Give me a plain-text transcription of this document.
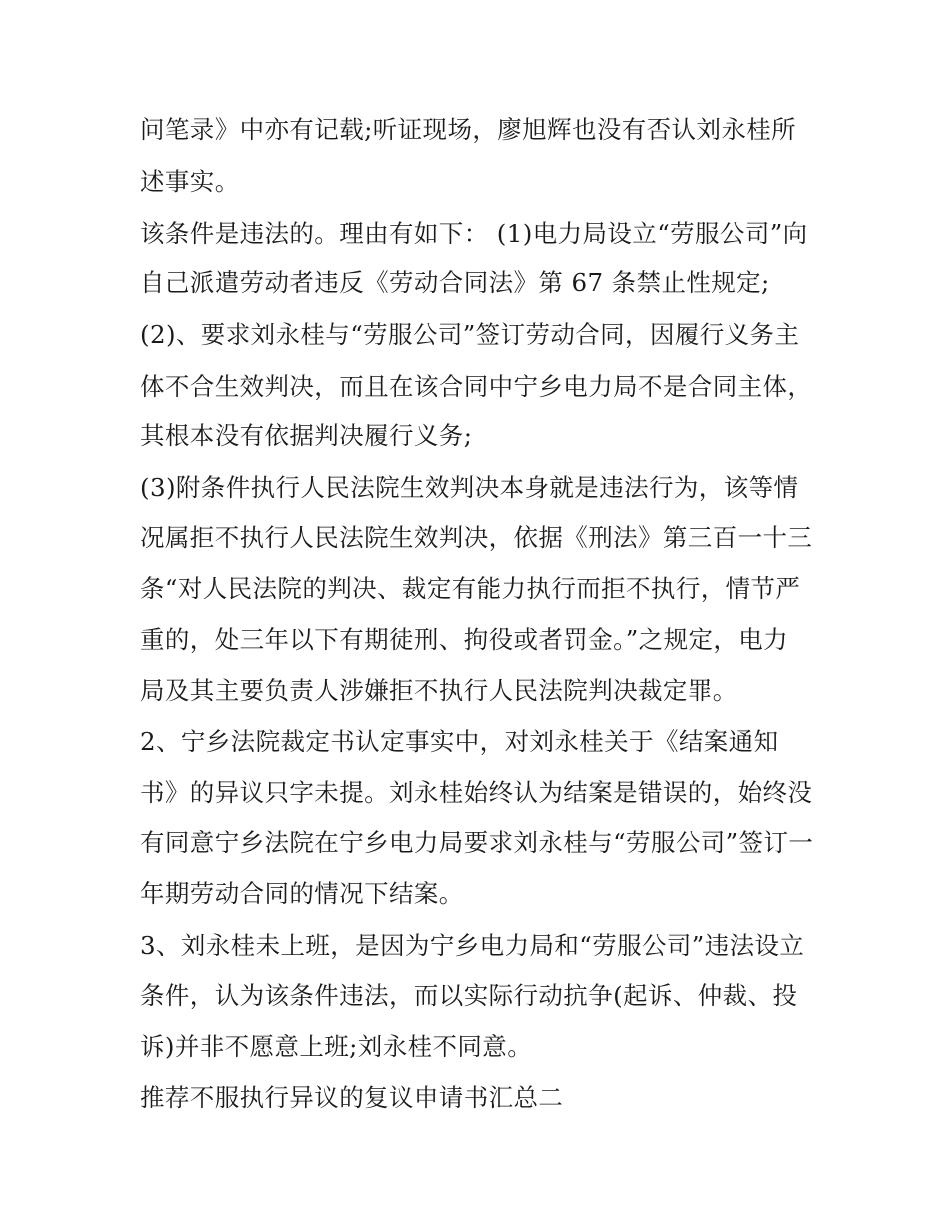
问笔录》中亦有记载;听证现场，廖旭辉也没有否认刘永桂所

述事实。

该条件是违法的。理由有如下： (1)电力局设立“劳服公司”向

自己派遣劳动者违反《劳动合同法》第 67 条禁止性规定;

(2)、要求刘永桂与“劳服公司”签订劳动合同，因履行义务主

体不合生效判决，而且在该合同中宁乡电力局不是合同主体，

其根本没有依据判决履行义务;

(3)附条件执行人民法院生效判决本身就是违法行为，该等情

况属拒不执行人民法院生效判决，依据《刑法》第三百一十三

条“对人民法院的判决、裁定有能力执行而拒不执行，情节严

重的，处三年以下有期徒刑、拘役或者罚金。”之规定，电力

局及其主要负责人涉嫌拒不执行人民法院判决裁定罪。

2、宁乡法院裁定书认定事实中，对刘永桂关于《结案通知

书》的异议只字未提。刘永桂始终认为结案是错误的，始终没

有同意宁乡法院在宁乡电力局要求刘永桂与“劳服公司”签订一

年期劳动合同的情况下结案。

3、刘永桂未上班，是因为宁乡电力局和“劳服公司”违法设立

条件，认为该条件违法，而以实际行动抗争(起诉、仲裁、投

诉)并非不愿意上班;刘永桂不同意。

推荐不服执行异议的复议申请书汇总二
